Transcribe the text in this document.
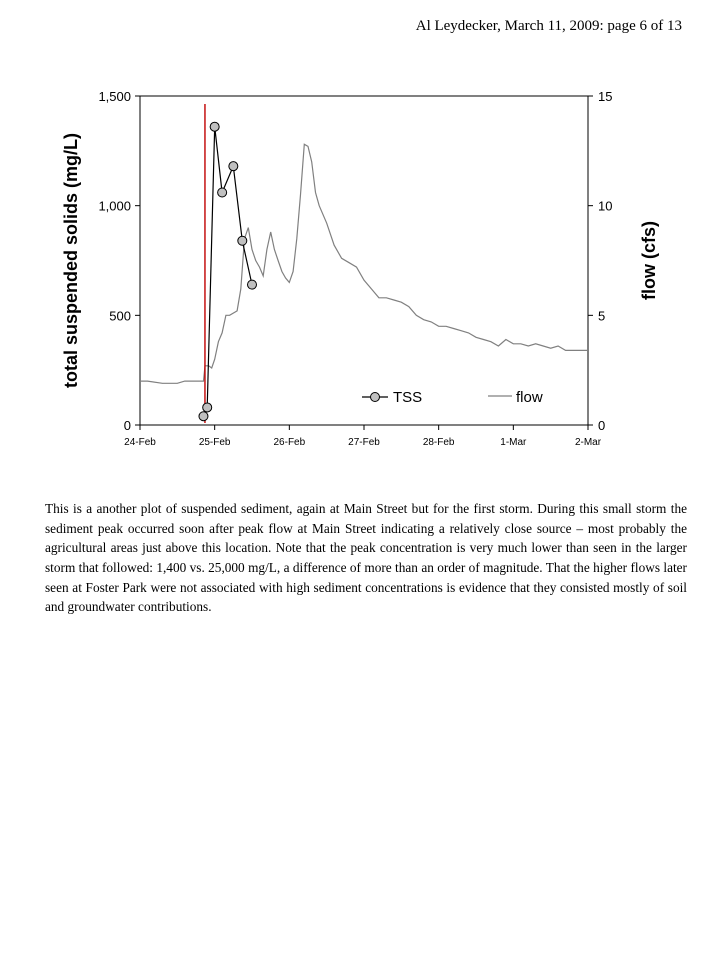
Al Leydecker, March 11, 2009: page 6 of 13
0
500
1,000
1,500
0
5
10
15
24-Feb	25-Feb	26-Feb	27-Feb	28-Feb	1-Mar	2-Mar
total suspended solids (mg/L)	flow (cfs)
TSS	flow

This is a another plot of suspended sediment, again at Main Street but for the first storm. During this small storm the sediment peak occurred soon after peak flow at Main Street indicating a relatively close source – most probably the agricultural areas just above this location. Note that the peak concentration is very much lower than seen in the larger storm that followed: 1,400 vs. 25,000 mg/L, a difference of more than an order of magnitude. That the higher flows later seen at Foster Park were not associated with high sediment concentrations is evidence that they consisted mostly of soil and groundwater contributions.
